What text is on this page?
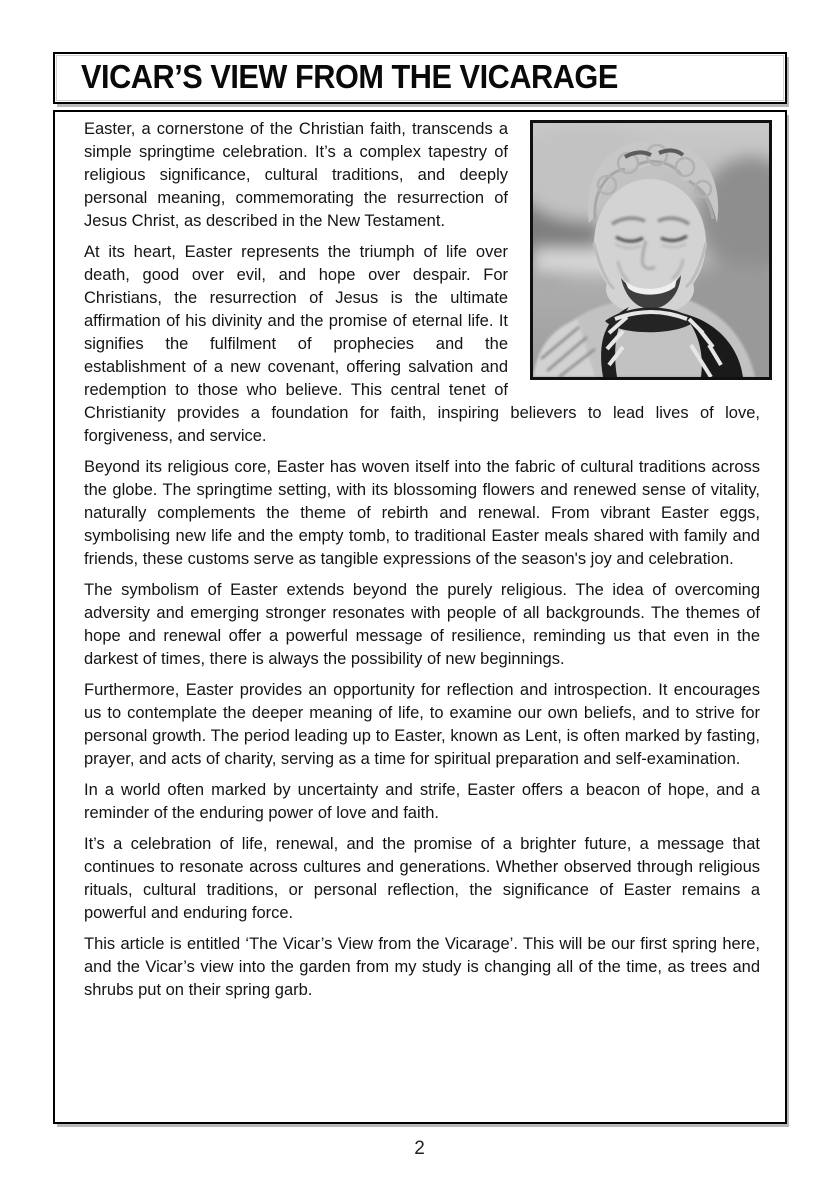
VICAR’S VIEW FROM THE VICARAGE

Easter, a cornerstone of the Christian faith, transcends a simple springtime celebration. It’s a complex tapestry of religious significance, cultural traditions, and deeply personal meaning, commemorating the resurrection of Jesus Christ, as described in the New Testament.

At its heart, Easter represents the triumph of life over death, good over evil, and hope over despair. For Christians, the resurrection of Jesus is the ultimate affirmation of his divinity and the promise of eternal life. It signifies the fulfilment of prophecies and the establishment of a new covenant, offering salvation and redemption to those who believe. This central tenet of Christianity provides a foundation for faith, inspiring believers to lead lives of love, forgiveness, and service.

Beyond its religious core, Easter has woven itself into the fabric of cultural traditions across the globe. The springtime setting, with its blossoming flowers and renewed sense of vitality, naturally complements the theme of rebirth and renewal. From vibrant Easter eggs, symbolising new life and the empty tomb, to traditional Easter meals shared with family and friends, these customs serve as tangible expressions of the season's joy and celebration.

The symbolism of Easter extends beyond the purely religious. The idea of overcoming adversity and emerging stronger resonates with people of all backgrounds. The themes of hope and renewal offer a powerful message of resilience, reminding us that even in the darkest of times, there is always the possibility of new beginnings.

Furthermore, Easter provides an opportunity for reflection and introspection. It encourages us to contemplate the deeper meaning of life, to examine our own beliefs, and to strive for personal growth. The period leading up to Easter, known as Lent, is often marked by fasting, prayer, and acts of charity, serving as a time for spiritual preparation and self-examination.

In a world often marked by uncertainty and strife, Easter offers a beacon of hope, and a reminder of the enduring power of love and faith.

It’s a celebration of life, renewal, and the promise of a brighter future, a message that continues to resonate across cultures and generations. Whether observed through religious rituals, cultural traditions, or personal reflection, the significance of Easter remains a powerful and enduring force.

This article is entitled ‘The Vicar’s View from the Vicarage’. This will be our first spring here, and the Vicar’s view into the garden from my study is changing all of the time, as trees and shrubs put on their spring garb.

2
